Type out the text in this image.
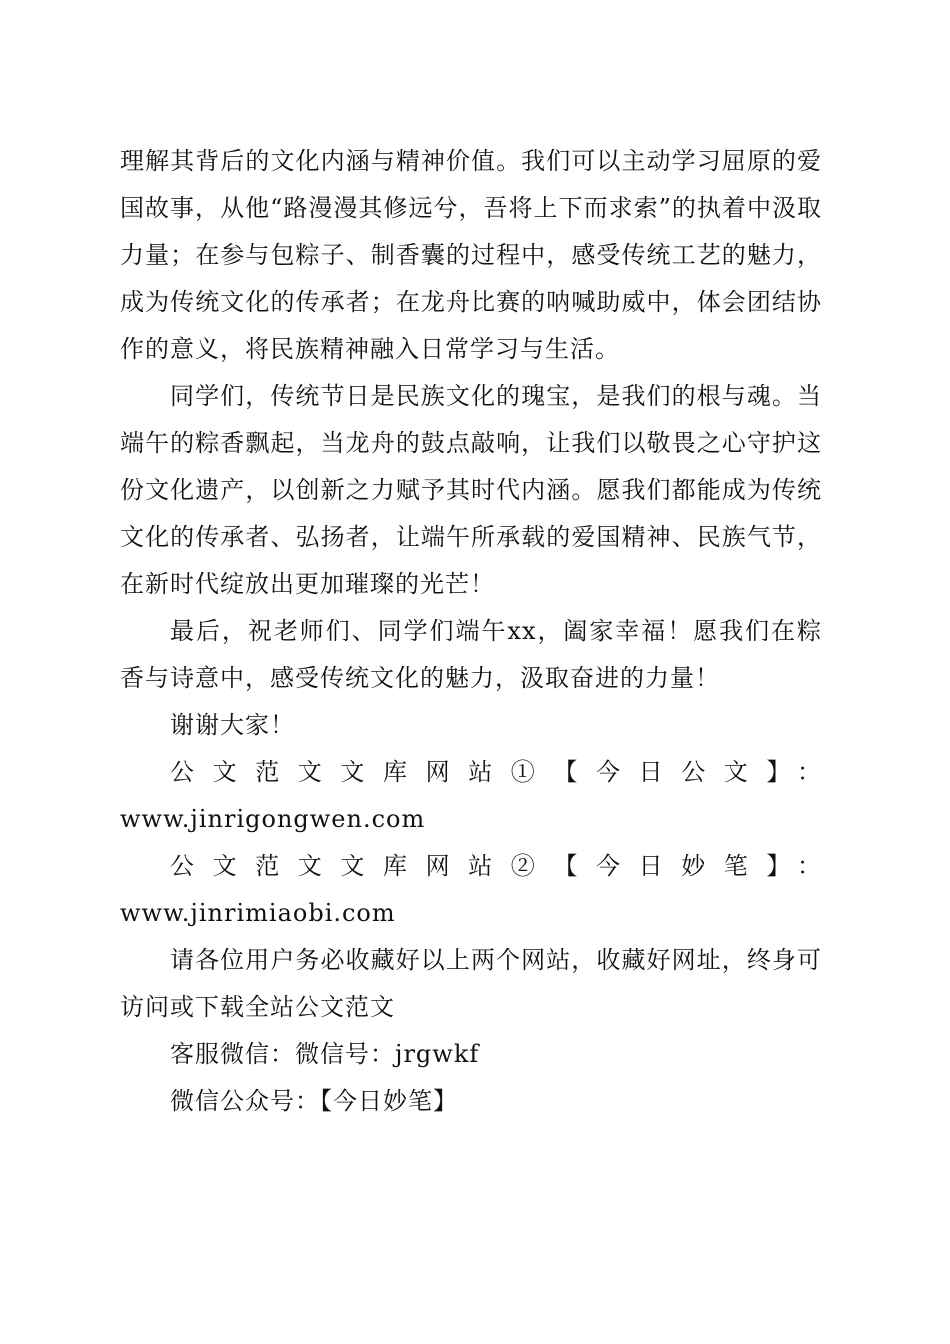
理解其背后的文化内涵与精神价值。我们可以主动学习屈原的爱国故事，从他“路漫漫其修远兮，吾将上下而求索”的执着中汲取力量；在参与包粽子、制香囊的过程中，感受传统工艺的魅力，成为传统文化的传承者；在龙舟比赛的呐喊助威中，体会团结协作的意义，将民族精神融入日常学习与生活。

同学们，传统节日是民族文化的瑰宝，是我们的根与魂。当端午的粽香飘起，当龙舟的鼓点敲响，让我们以敬畏之心守护这份文化遗产，以创新之力赋予其时代内涵。愿我们都能成为传统文化的传承者、弘扬者，让端午所承载的爱国精神、民族气节，在新时代绽放出更加璀璨的光芒！

最后，祝老师们、同学们端午xx，阖家幸福！愿我们在粽香与诗意中，感受传统文化的魅力，汲取奋进的力量！

谢谢大家！

公文范文文库网站①【今日公文】：

www.jinrigongwen.com

公文范文文库网站②【今日妙笔】：www.jinrimiaobi.com

请各位用户务必收藏好以上两个网站，收藏好网址，终身可访问或下载全站公文范文

客服微信：微信号：jrgwkf

微信公众号：【今日妙笔】
